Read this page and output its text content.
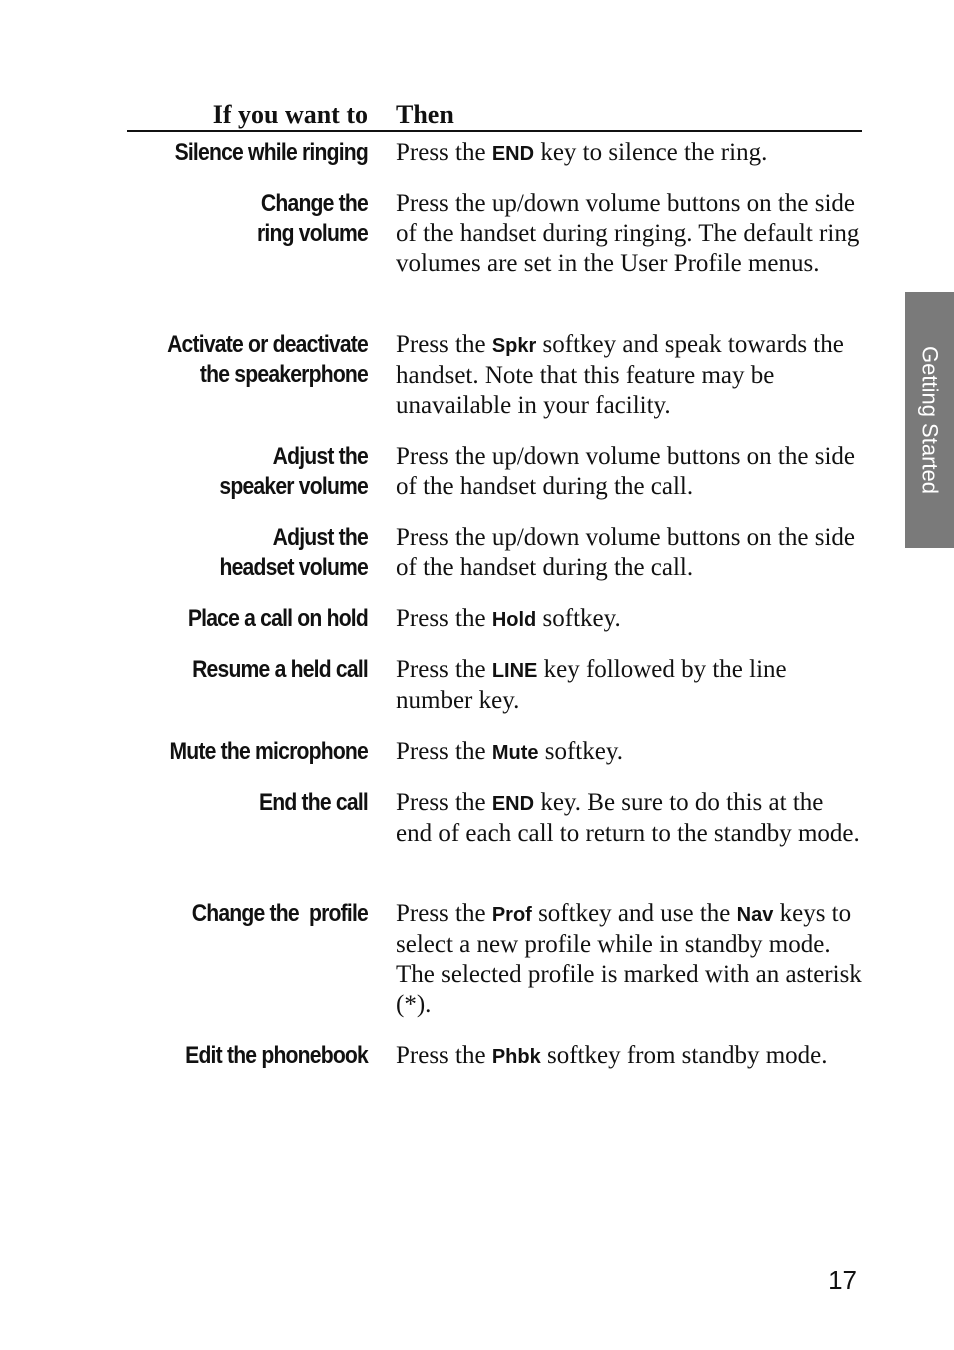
If you want to	Then
Silence while ringing Press the END key to silence the ring.
Change the
ring volume
Press the up/down volume buttons on the side of the handset during ringing. The default ring volumes are set in the User Profile menus.
Activate or deactivate
the speakerphone
Press the Spkr softkey and speak towards the handset. Note that this feature may be unavailable in your facility.
Adjust the
speaker volume
Press the up/down volume buttons on the side of the handset during the call.
Adjust the
headset volume
Press the up/down volume buttons on the side of the handset during the call.
Place a call on hold Press the Hold softkey.
Resume a held call Press the LINE key followed by the line number key.
Mute the microphone Press the Mute softkey.
End the call Press the END key. Be sure to do this at the end of each call to return to the standby mode.
Change the  profile Press the Prof softkey and use the Nav keys to select a new profile while in standby mode. The selected profile is marked with an asterisk (*).
Edit the phonebook Press the Phbk softkey from standby mode.
Getting Started
17
